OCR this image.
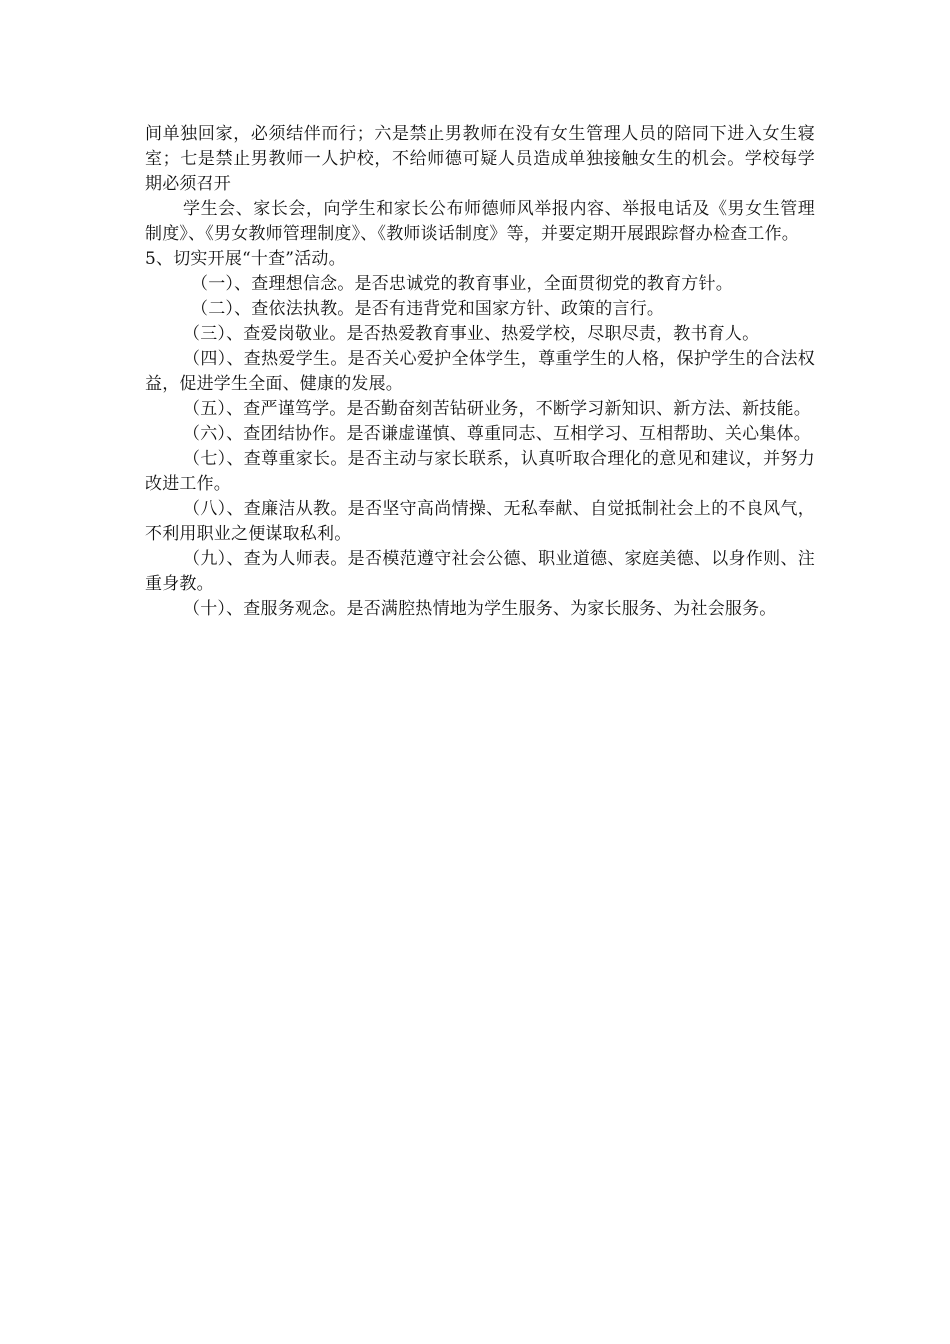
间单独回家，必须结伴而行；六是禁止男教师在没有女生管理人员的陪同下进入女生寝室；七是禁止男教师一人护校，不给师德可疑人员造成单独接触女生的机会。学校每学期必须召开

学生会、家长会，向学生和家长公布师德师风举报内容、举报电话及《男女生管理制度》、《男女教师管理制度》、《教师谈话制度》等，并要定期开展跟踪督办检查工作。

5、切实开展“十查”活动。

（一）、查理想信念。是否忠诚党的教育事业，全面贯彻党的教育方针。

（二）、查依法执教。是否有违背党和国家方针、政策的言行。

（三）、查爱岗敬业。是否热爱教育事业、热爱学校，尽职尽责，教书育人。

（四）、查热爱学生。是否关心爱护全体学生，尊重学生的人格，保护学生的合法权益，促进学生全面、健康的发展。

（五）、查严谨笃学。是否勤奋刻苦钻研业务，不断学习新知识、新方法、新技能。

（六）、查团结协作。是否谦虚谨慎、尊重同志、互相学习、互相帮助、关心集体。

（七）、查尊重家长。是否主动与家长联系，认真听取合理化的意见和建议，并努力改进工作。

（八）、查廉洁从教。是否坚守高尚情操、无私奉献、自觉抵制社会上的不良风气，不利用职业之便谋取私利。

（九）、查为人师表。是否模范遵守社会公德、职业道德、家庭美德、以身作则、注重身教。

（十）、查服务观念。是否满腔热情地为学生服务、为家长服务、为社会服务。
